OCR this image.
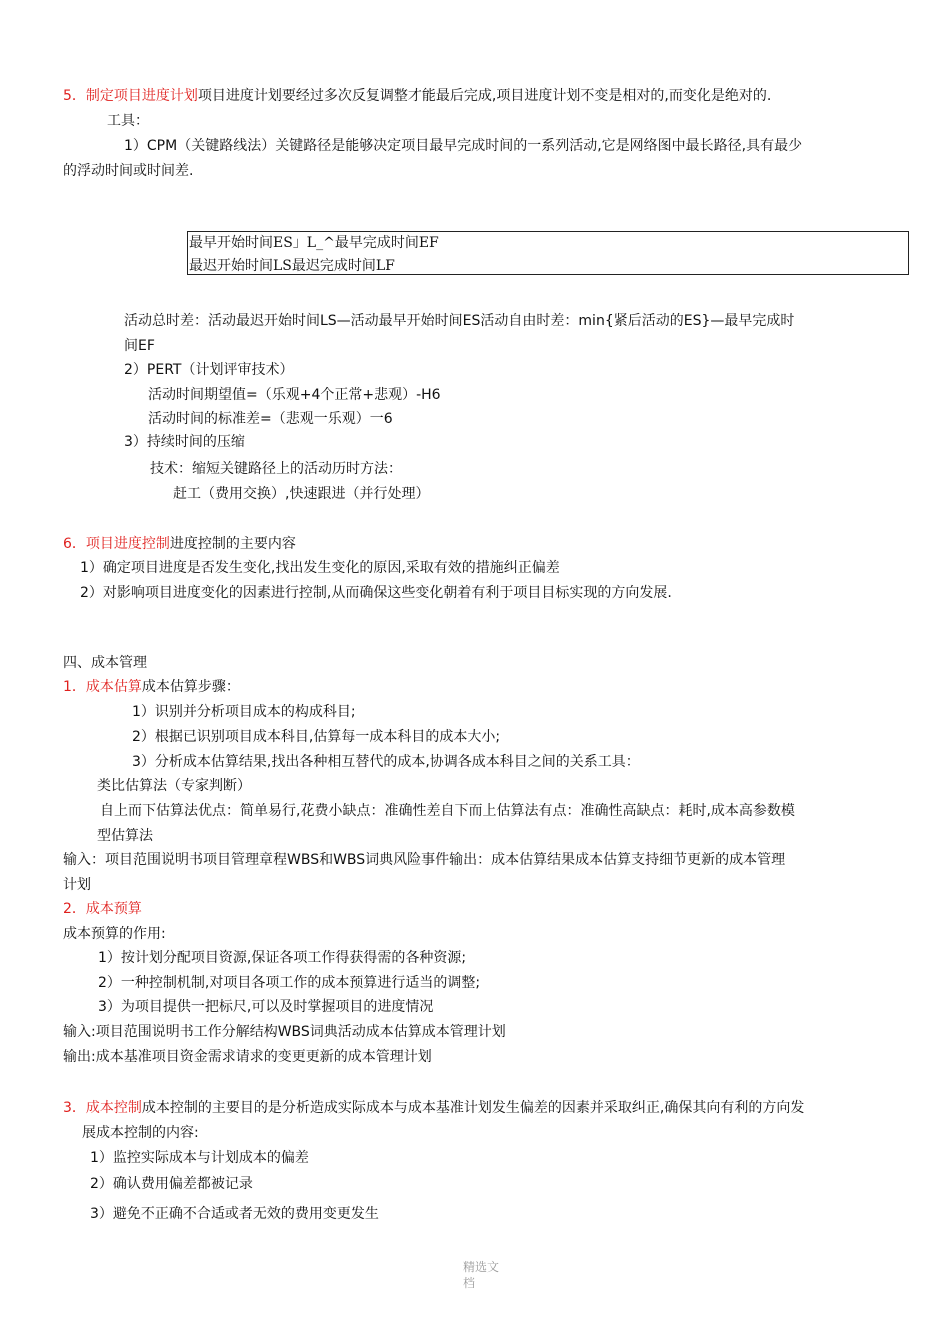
5．制定项目进度计划项目进度计划要经过多次反复调整才能最后完成,项目进度计划不变是相对的,而变化是绝对的.
工具：
1）CPM（关键路线法）关键路径是能够决定项目最早完成时间的一系列活动,它是网络图中最长路径,具有最少
的浮动时间或时间差.
最早开始时间ES」L_^最早完成时间EF
最迟开始时间LS最迟完成时间LF
活动总时差：活动最迟开始时间LS—活动最早开始时间ES活动自由时差：min{紧后活动的ES}—最早完成时
间EF
2）PERT（计划评审技术）
活动时间期望值=（乐观+4个正常+悲观）-H6
活动时间的标准差=（悲观一乐观）一6
3）持续时间的压缩
技术：缩短关键路径上的活动历时方法：
赶工（费用交换）,快速跟进（并行处理）
6．项目进度控制进度控制的主要内容
1）确定项目进度是否发生变化,找出发生变化的原因,采取有效的措施纠正偏差
2）对影响项目进度变化的因素进行控制,从而确保这些变化朝着有利于项目目标实现的方向发展.
四、成本管理
1．成本估算成本估算步骤：
1）识别并分析项目成本的构成科目;
2）根据已识别项目成本科目,估算每一成本科目的成本大小;
3）分析成本估算结果,找出各种相互替代的成本,协调各成本科目之间的关系工具：
类比估算法（专家判断）
自上而下估算法优点：简单易行,花费小缺点：准确性差自下而上估算法有点：准确性高缺点：耗时,成本高参数模
型估算法
输入：项目范围说明书项目管理章程WBS和WBS词典风险事件输出：成本估算结果成本估算支持细节更新的成本管理
计划
2．成本预算
成本预算的作用:
1）按计划分配项目资源,保证各项工作得获得需的各种资源;
2）一种控制机制,对项目各项工作的成本预算进行适当的调整;
3）为项目提供一把标尺,可以及时掌握项目的进度情况
输入:项目范围说明书工作分解结构WBS词典活动成本估算成本管理计划
输出:成本基准项目资金需求请求的变更更新的成本管理计划
3．成本控制成本控制的主要目的是分析造成实际成本与成本基准计划发生偏差的因素并采取纠正,确保其向有利的方向发
展成本控制的内容:
1）监控实际成本与计划成本的偏差
2）确认费用偏差都被记录
3）避免不正确不合适或者无效的费用变更发生
精选文
档
